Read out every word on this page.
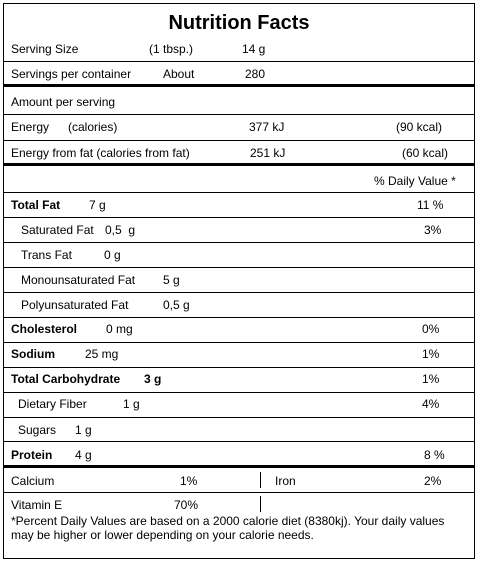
Nutrition Facts
Serving Size	(1 tbsp.)	14 g
Servings per container	About	280
Amount per serving
Energy (calories)	377 kJ	(90 kcal)
Energy from fat (calories from fat)	251 kJ	(60 kcal)
% Daily Value *
Total Fat 7 g	11 %
Saturated Fat 0,5  g	3%
Trans Fat	0 g
Monounsaturated Fat 5 g
Polyunsaturated Fat	0,5 g
Cholesterol 0 mg	0%
Sodium	25 mg	1%
Total Carbohydrate 3 g	1%
Dietary Fiber	1 g	4%
Sugars 1 g
Protein 4 g	8 %
Calcium	1%	Iron	2%
Vitamin E	70%
*Percent Daily Values are based on a 2000 calorie diet (8380kj). Your daily values
may be higher or lower depending on your calorie needs.
